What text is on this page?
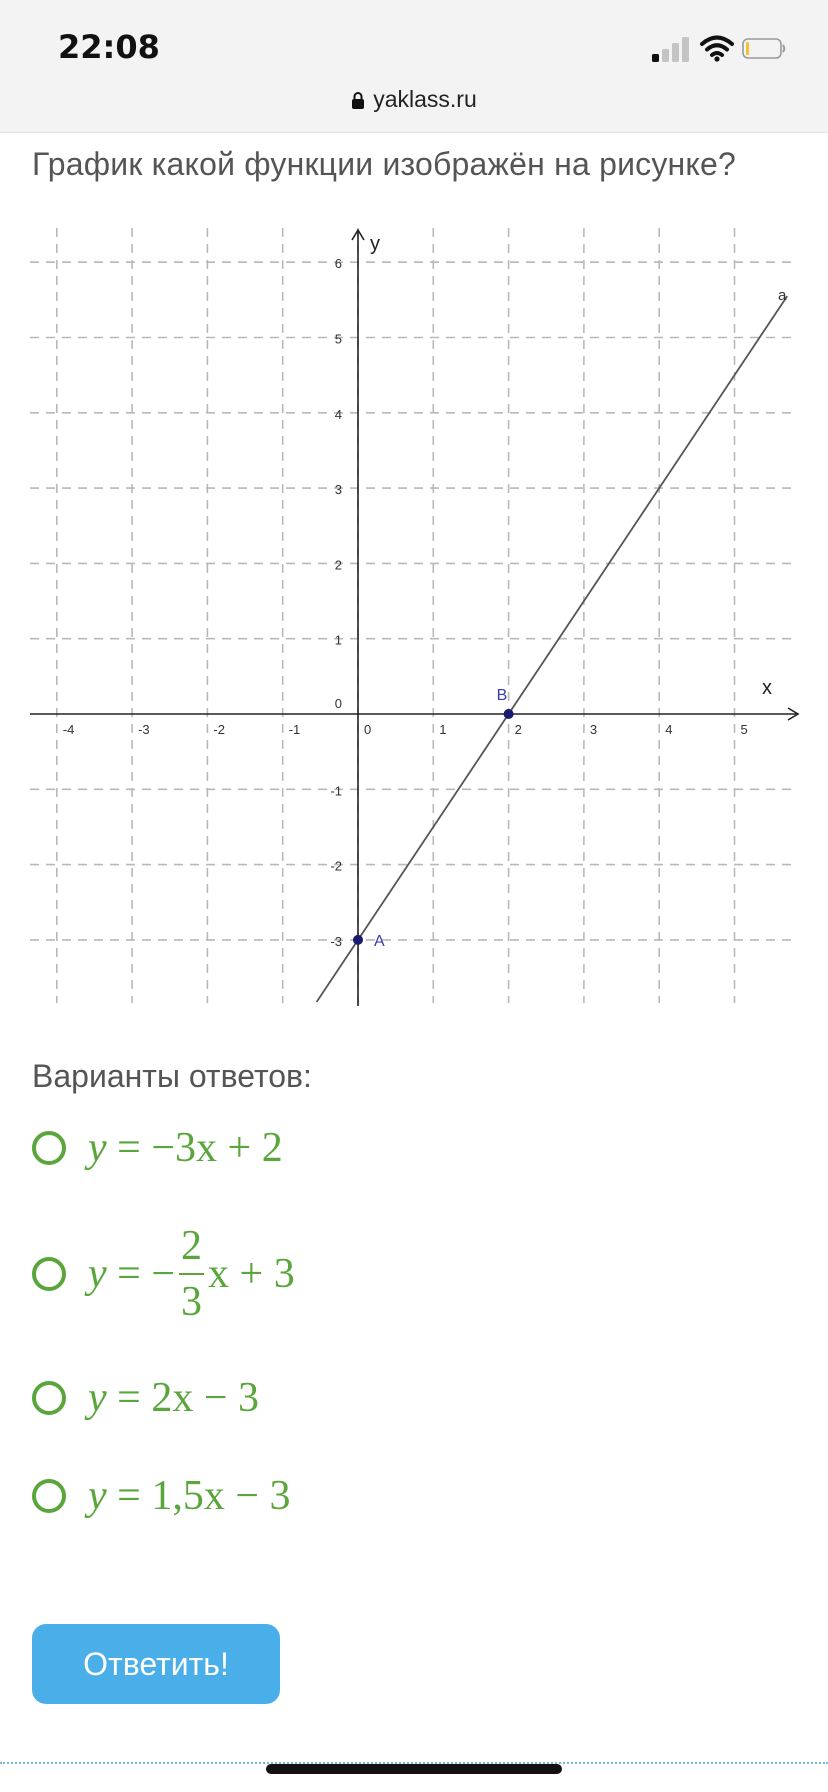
22:08
yaklass.ru
График какой функции изображён на рисунке?
-4	-3	-2	-1	0	1	2	3	4	5
-3
-2
-1
1
2
3
4
5
6
0
y
x
a
A
B
Варианты ответов:
y = −3x + 2
y = − $\frac{2}{3}$ x + 3
y = 2x − 3
y = 1,5x − 3
Ответить!
